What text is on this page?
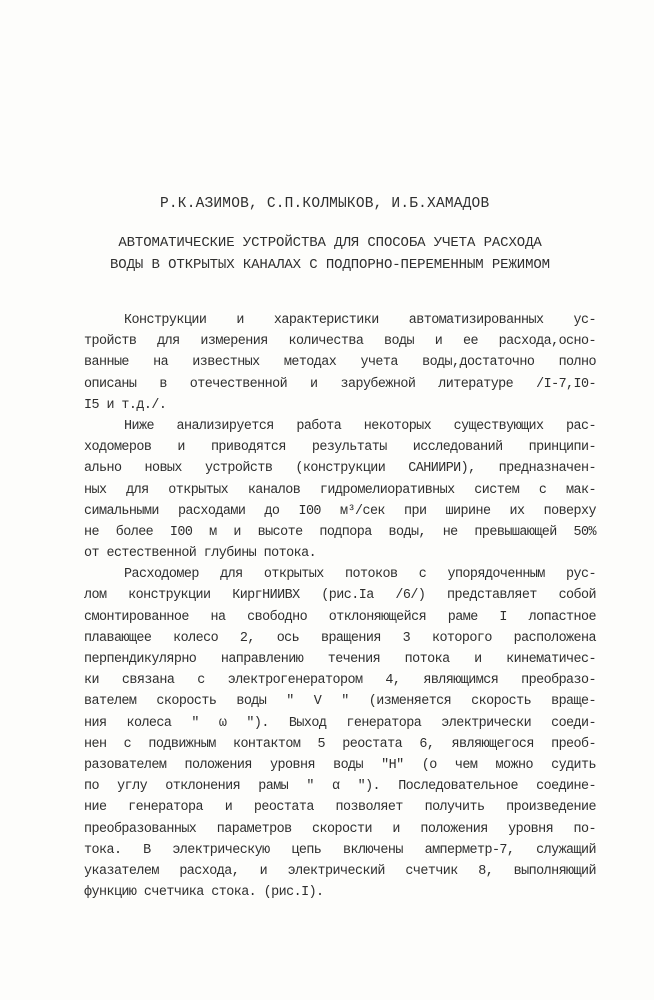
Р.К.АЗИМОВ, С.П.КОЛМЫКОВ, И.Б.ХАМАДОВ
АВТОМАТИЧЕСКИЕ УСТРОЙСТВА ДЛЯ СПОСОБА УЧЕТА РАСХОДА
ВОДЫ В ОТКРЫТЫХ КАНАЛАХ С ПОДПОРНО-ПЕРЕМЕННЫМ РЕЖИМОМ
Конструкции и характеристики автоматизированных ус-
тройств для измерения количества воды и ее расхода,осно-
ванные на известных методах учета воды,достаточно полно
описаны в отечественной и зарубежной литературе /I-7,I0-
I5 и т.д./.
Ниже анализируется работа некоторых существующих рас-
ходомеров и приводятся результаты исследований принципи-
ально новых устройств (конструкции САНИИРИ), предназначен-
ных для открытых каналов гидромелиоративных систем с мак-
симальными расходами до I00 м³/сек при ширине их поверху
не более I00 м и высоте подпора воды, не превышающей 50%
от естественной глубины потока.
Расходомер для открытых потоков с упорядоченным рус-
лом конструкции КиргНИИВХ (рис.Iа /6/) представляет собой
смонтированное на свободно отклоняющейся раме I лопастное
плавающее колесо 2, ось вращения 3 которого расположена
перпендикулярно направлению течения потока и кинематичес-
ки связана с электрогенератором 4, являющимся преобразо-
вателем скорость воды " V " (изменяется скорость враще-
ния колеса " ω "). Выход генератора электрически соеди-
нен с подвижным контактом 5 реостата 6, являющегося преоб-
разователем положения уровня воды "Н" (о чем можно судить
по углу отклонения рамы " α "). Последовательное соедине-
ние генератора и реостата позволяет получить произведение
преобразованных параметров скорости и положения уровня по-
тока. В электрическую цепь включены амперметр-7, служащий
указателем расхода, и электрический счетчик 8, выполняющий
функцию счетчика стока. (рис.I).
